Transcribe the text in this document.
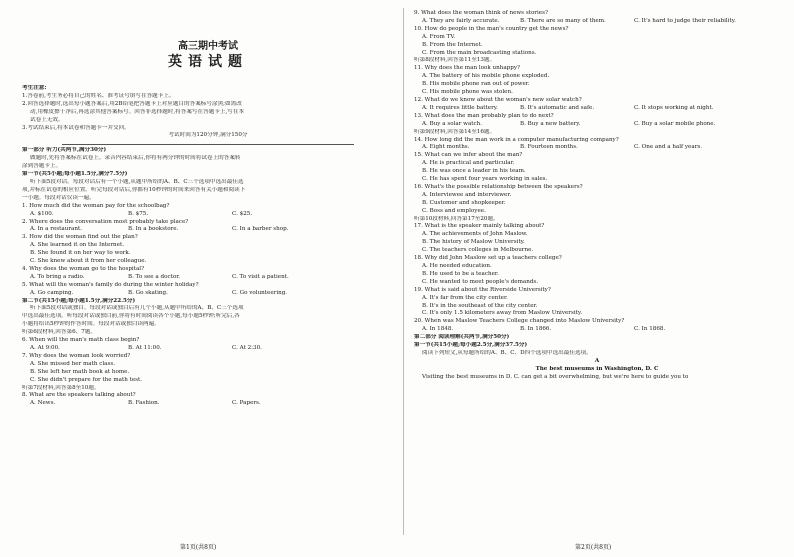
高三期中考试
英语试题
考生注意:
1.答卷前,考生务必将自己的姓名、准考证号填写在答题卡上。
2.回答选择题时,选出每小题答案后,用2B铅笔把答题卡上对应题目的答案标号涂黑;如需改
动,用橡皮擦干净后,再选涂其他答案标号。回答非选择题时,将答案写在答题卡上,写在本
试卷上无效。
3.考试结束后,将本试卷和答题卡一并交回。
考试时间为120分钟,满分150分
第一部分 听力(共两节,满分30分)
做题时,先将答案标在试卷上。录音内容结束后,你将有两分钟的时间将试卷上的答案转
涂到答题卡上。
第一节(共5小题;每小题1.5分,满分7.5分)
听下面5段对话。每段对话后有一个小题,从题中所给的A、B、C三个选项中选出最佳选
项,并标在试卷的相应位置。听完每段对话后,你都有10秒钟的时间来回答有关小题和阅读下
一小题。每段对话仅读一遍。
1. How much did the woman pay for the schoolbag?
A. $100.	B. $75.	C. $25.
2. Where does the conversation most probably take place?
A. In a restaurant.	B. In a bookstore.	C. In a barber shop.
3. How did the woman find out the plan?
A. She learned it on the Internet.
B. She found it on her way to work.
C. She knew about it from her colleague.
4. Why does the woman go to the hospital?
A. To bring a radio.	B. To see a doctor.	C. To visit a patient.
5. What will the woman's family do during the winter holiday?
A. Go camping.	B. Go skating.	C. Go volunteering.
第二节(共15小题;每小题1.5分,满分22.5分)
听下面5段对话或独白。每段对话或独白后有几个小题,从题中所给的A、B、C三个选项
中选出最佳选项。听每段对话或独白前,你将有时间阅读各个小题,每小题5秒钟;听完后,各
小题将给出5秒钟的作答时间。每段对话或独白读两遍。
听第6段材料,回答第6、7题。
6. When will the man's math class begin?
A. At 9:00.	B. At 11:00.	C. At 2:30.
7. Why does the woman look worried?
A. She missed her math class.
B. She left her math book at home.
C. She didn't prepare for the math test.
听第7段材料,回答第8至10题。
8. What are the speakers talking about?
A. News.	B. Fashion.	C. Papers.
9. What does the woman think of news stories?
A. They are fairly accurate.	B. There are so many of them.	C. It's hard to judge their reliability.
10. How do people in the man's country get the news?
A. From TV.
B. From the Internet.
C. From the main broadcasting stations.
听第8段材料,回答第11至13题。
11. Why does the man look unhappy?
A. The battery of his mobile phone exploded.
B. His mobile phone ran out of power.
C. His mobile phone was stolen.
12. What do we know about the woman's new solar watch?
A. It requires little battery.	B. It's automatic and safe.	C. It stops working at night.
13. What does the man probably plan to do next?
A. Buy a solar watch.	B. Buy a new battery.	C. Buy a solar mobile phone.
听第9段材料,回答第14至16题。
14. How long did the man work in a computer manufacturing company?
A. Eight months.	B. Fourteen months.	C. One and a half years.
15. What can we infer about the man?
A. He is practical and particular.
B. He was once a leader in his team.
C. He has spent four years working in sales.
16. What's the possible relationship between the speakers?
A. Interviewee and interviewer.
B. Customer and shopkeeper.
C. Boss and employee.
听第10段材料,回答第17至20题。
17. What is the speaker mainly talking about?
A. The achievements of John Maslow.
B. The history of Maslow University.
C. The teachers colleges in Melbourne.
18. Why did John Maslow set up a teachers college?
A. He needed education.
B. He used to be a teacher.
C. He wanted to meet people's demands.
19. What is said about the Riverside University?
A. It's far from the city center.
B. It's in the southeast of the city center.
C. It's only 1.5 kilometers away from Maslow University.
20. When was Maslow Teachers College changed into Maslow University?
A. In 1848.	B. In 1866.	C. In 1868.
第二部分 阅读理解(共两节,满分50分)
第一节(共15小题;每小题2.5分,满分37.5分)
阅读下列短文,从每题所给的A、B、C、D四个选项中选出最佳选项。
A
The best museums in Washington, D. C
Visiting the best museums in D. C. can get a bit overwhelming, but we're here to guide you to
第1页(共8页)	第2页(共8页)
